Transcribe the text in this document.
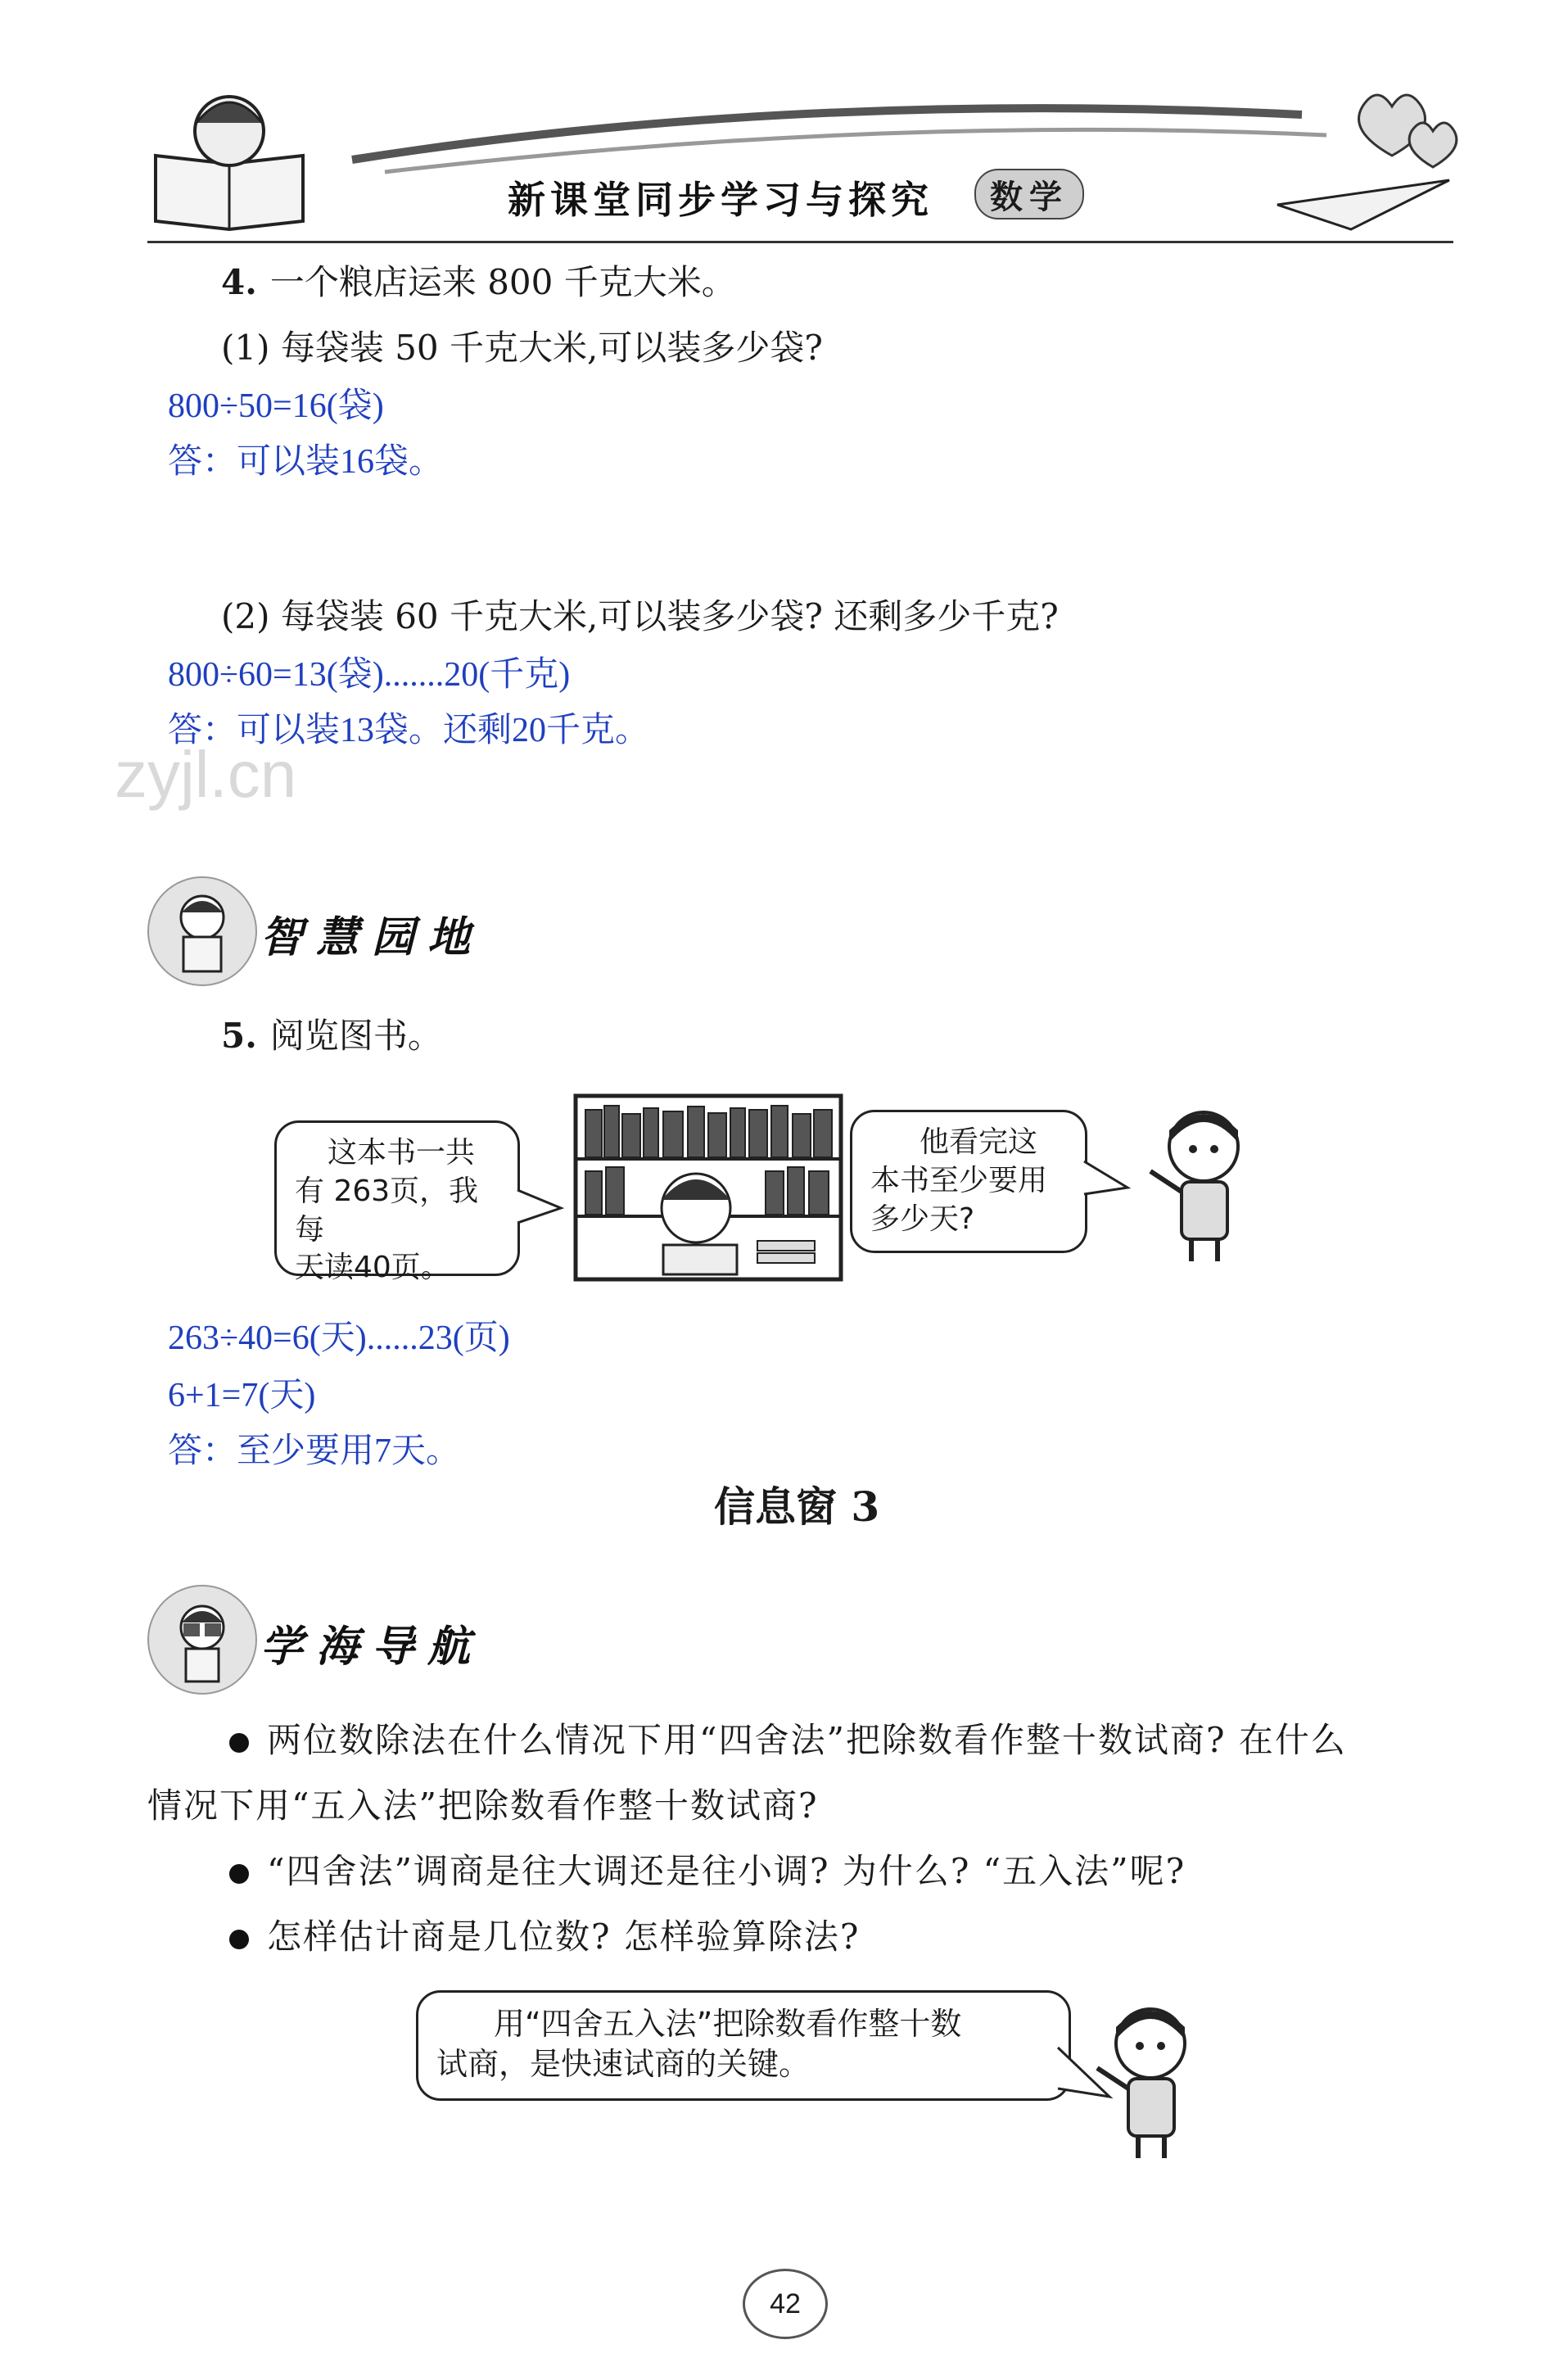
新课堂同步学习与探究	数学
4. 一个粮店运来 800 千克大米。
(1) 每袋装 50 千克大米,可以装多少袋?
800÷50=16(袋)
答：可以装16袋。
(2) 每袋装 60 千克大米,可以装多少袋? 还剩多少千克?
800÷60=13(袋).......20(千克)
答：可以装13袋。还剩20千克。
zyjl.cn
智慧园地
5. 阅览图书。
这本书一共
有 263页，我每
天读40页。
他看完这
本书至少要用
多少天?
263÷40=6(天)......23(页)
6+1=7(天)
答：至少要用7天。
信息窗 3
学海导航
两位数除法在什么情况下用“四舍法”把除数看作整十数试商? 在什么
情况下用“五入法”把除数看作整十数试商?
“四舍法”调商是往大调还是往小调? 为什么? “五入法”呢?
怎样估计商是几位数? 怎样验算除法?
用“四舍五入法”把除数看作整十数
试商，是快速试商的关键。
42
